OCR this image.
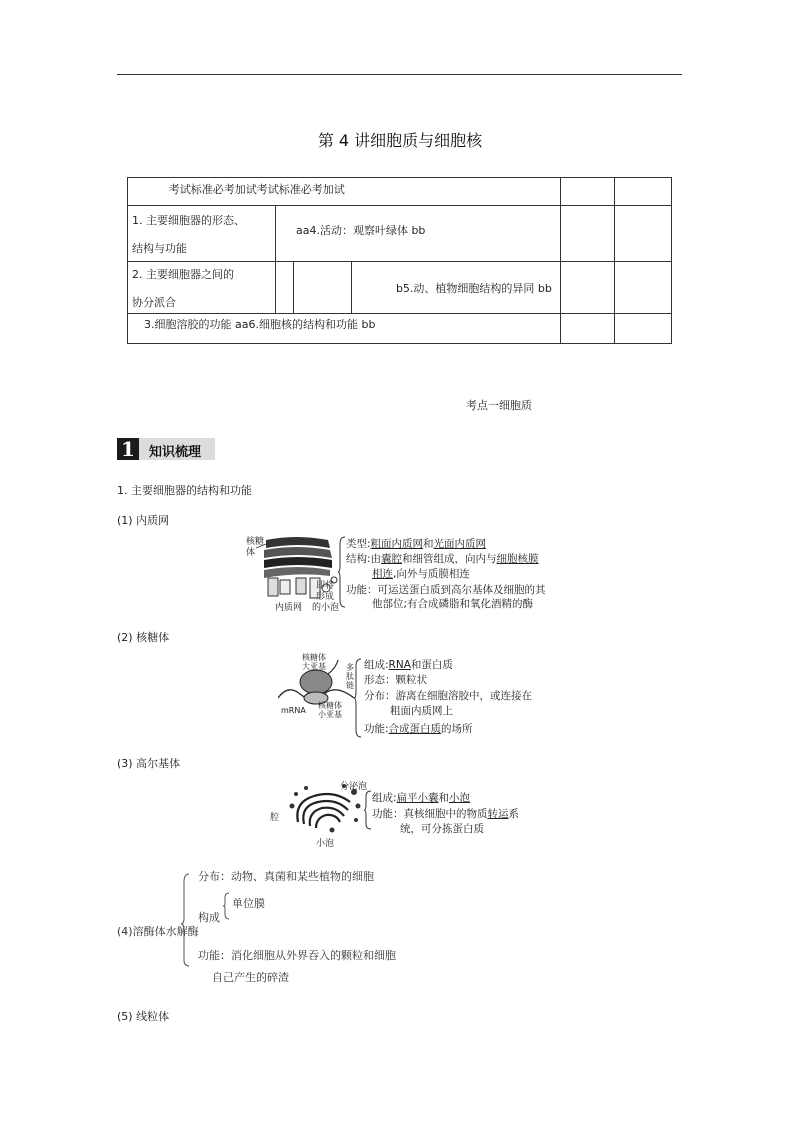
第 4 讲细胞质与细胞核
考试标准必考加试考试标准必考加试						

1. 主要细胞器的形态、
结构与功能	aa4.活动：观察叶绿体 bb					

2. 主要细胞器之间的
协分派合			b5.动、植物细胞结构的异同 bb			
3.细胞溶胶的功能 aa6.细胞核的结构和功能 bb						
考点一细胞质
1	知识梳理
1. 主要细胞器的结构和功能
(1) 内质网
核糖
体
内质网
即将
形成
的小泡
类型:粗面内质网和光面内质网
结构:由囊腔和细管组成，向内与细胞核膜
相连,向外与质膜相连
功能：可运送蛋白质到高尔基体及细胞的其
他部位;有合成磷脂和氧化酒精的酶
(2) 核糖体
核糖体
大亚基	多
肽
链
mRNA
核糖体
小亚基
组成:RNA和蛋白质
形态：颗粒状
分布：游离在细胞溶胶中，或连接在
粗面内质网上
功能:合成蛋白质的场所
(3) 高尔基体
分泌泡
腔
小泡
组成:扁平小囊和小泡
功能：真核细胞中的物质转运系
统，可分拣蛋白质
分布：动物、真菌和某些植物的细胞
单位膜
构成
(4)溶酶体水解酶
功能：消化细胞从外界吞入的颗粒和细胞
自己产生的碎渣
(5) 线粒体
